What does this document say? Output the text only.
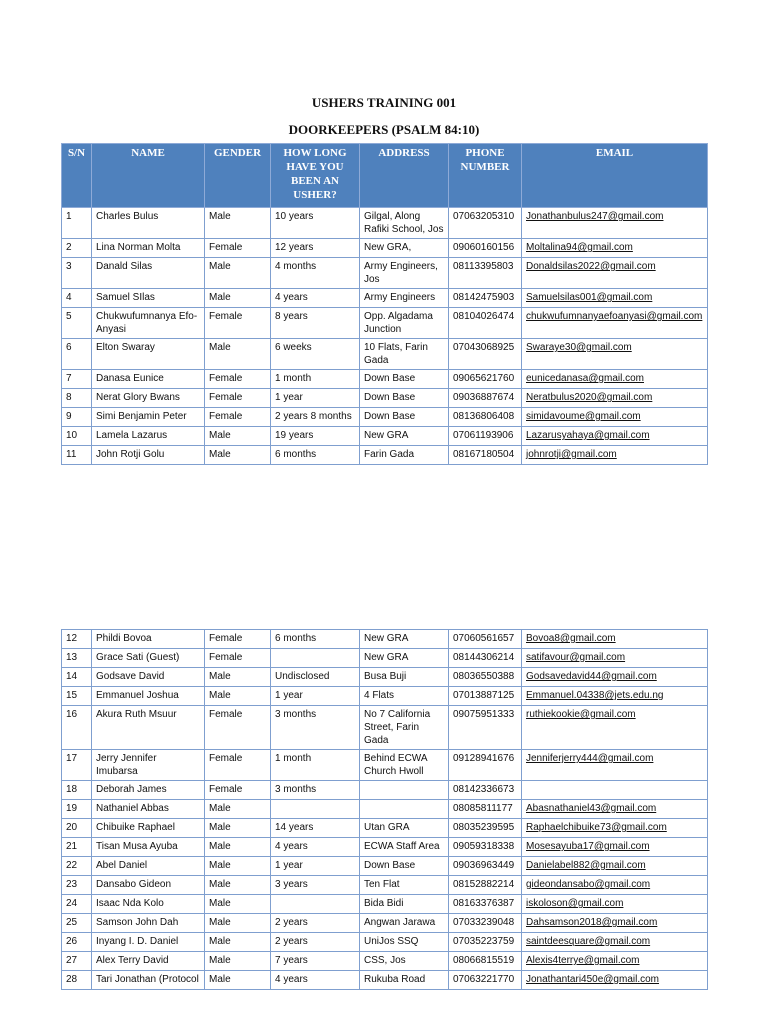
USHERS TRAINING 001
DOORKEEPERS (PSALM 84:10)
S/N	NAME	GENDER	HOW LONG HAVE YOU BEEN AN USHER?	ADDRESS	PHONE NUMBER	EMAIL
1	Charles Bulus	Male	10 years	Gilgal, Along Rafiki School, Jos	07063205310	Jonathanbulus247@gmail.com
2	Lina Norman Molta	Female	12 years	New GRA,	09060160156	Moltalina94@gmail.com
3	Danald Silas	Male	4 months	Army Engineers, Jos	08113395803	Donaldsilas2022@gmail.com
4	Samuel SIlas	Male	4 years	Army Engineers	08142475903	Samuelsilas001@gmail.com
5	Chukwufumnanya Efo-Anyasi	Female	8 years	Opp. Algadama Junction	08104026474	chukwufumnanyaefoanyasi@gmail.com
6	Elton Swaray	Male	6 weeks	10 Flats, Farin Gada	07043068925	Swaraye30@gmail.com
7	Danasa Eunice	Female	1 month	Down Base	09065621760	eunicedanasa@gmail.com
8	Nerat Glory Bwans	Female	1 year	Down Base	09036887674	Neratbulus2020@gmail.com
9	Simi Benjamin Peter	Female	2 years 8 months	Down Base	08136806408	simidavoume@gmail.com
10	Lamela Lazarus	Male	19 years	New GRA	07061193906	Lazarusyahaya@gmail.com
11	John Rotji Golu	Male	6 months	Farin Gada	08167180504	johnrotji@gmail.com
12	Phildi Bovoa	Female	6 months	New GRA	07060561657	Bovoa8@gmail.com
13	Grace Sati (Guest)	Female		New GRA	08144306214	satifavour@gmail.com
14	Godsave David	Male	Undisclosed	Busa Buji	08036550388	Godsavedavid44@gmail.com
15	Emmanuel Joshua	Male	1 year	4 Flats	07013887125	Emmanuel.04338@jets.edu.ng
16	Akura Ruth Msuur	Female	3 months	No 7 California Street, Farin Gada	09075951333	ruthiekookie@gmail.com
17	Jerry Jennifer Imubarsa	Female	1 month	Behind ECWA Church Hwoll	09128941676	Jenniferjerry444@gmail.com
18	Deborah James	Female	3 months		08142336673	
19	Nathaniel Abbas	Male			08085811177	Abasnathaniel43@gmail.com
20	Chibuike Raphael	Male	14 years	Utan GRA	08035239595	Raphaelchibuike73@gmail.com
21	Tisan Musa Ayuba	Male	4 years	ECWA Staff Area	09059318338	Mosesayuba17@gmail.com
22	Abel Daniel	Male	1 year	Down Base	09036963449	Danielabel882@gmail.com
23	Dansabo Gideon	Male	3 years	Ten Flat	08152882214	gideondansabo@gmail.com
24	Isaac Nda Kolo	Male		Bida Bidi	08163376387	iskoloson@gmail.com
25	Samson John Dah	Male	2 years	Angwan Jarawa	07033239048	Dahsamson2018@gmail.com
26	Inyang I. D. Daniel	Male	2 years	UniJos SSQ	07035223759	saintdeesquare@gmail.com
27	Alex Terry David	Male	7 years	CSS, Jos	08066815519	Alexis4terrye@gmail.com
28	Tari Jonathan (Protocol	Male	4 years	Rukuba Road	07063221770	Jonathantari450e@gmail.com
